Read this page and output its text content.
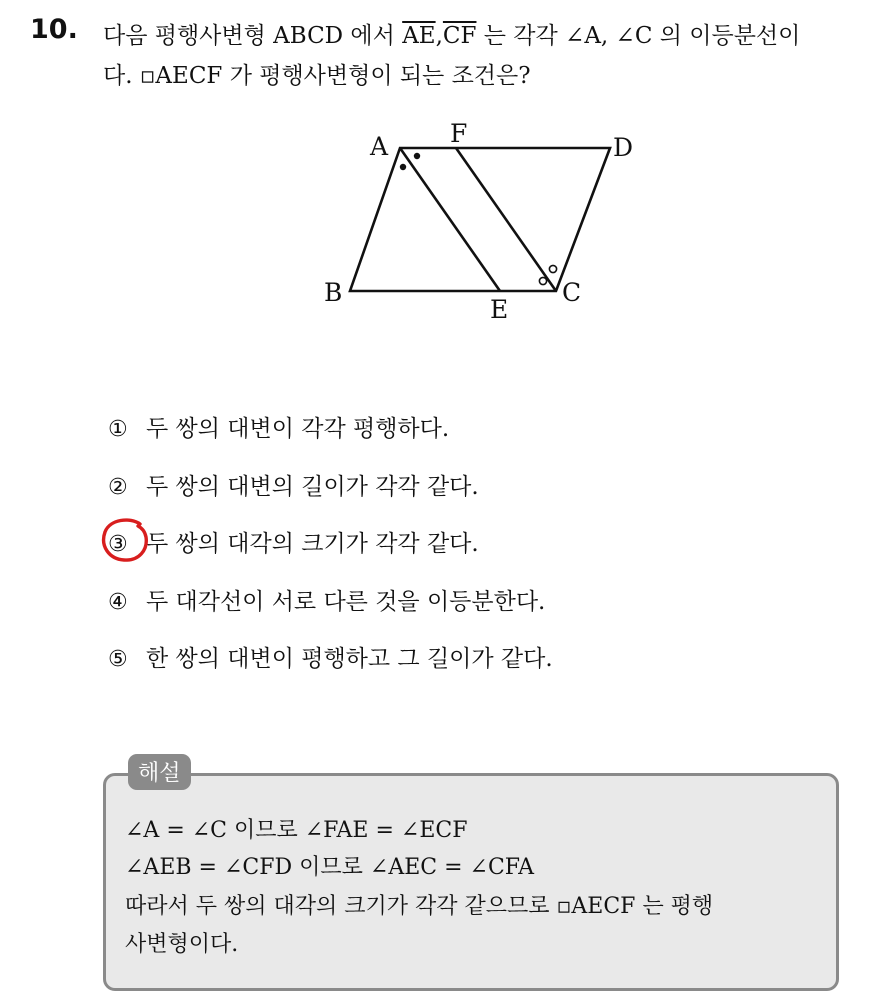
10. 다음 평행사변형 ABCD 에서 $\overline{AE},\overline{CF}$ 는 각각 ∠A, ∠C 의 이등분선이
다. ▫AECF 가 평행사변형이 되는 조건은?
A F	D
B
E
C
① 두 쌍의 대변이 각각 평행하다.
② 두 쌍의 대변의 길이가 각각 같다.
③ 두 쌍의 대각의 크기가 각각 같다.
④ 두 대각선이 서로 다른 것을 이등분한다.
⑤ 한 쌍의 대변이 평행하고 그 길이가 같다.
해설
∠A = ∠C 이므로 ∠FAE = ∠ECF
∠AEB = ∠CFD 이므로 ∠AEC = ∠CFA
따라서 두 쌍의 대각의 크기가 각각 같으므로 ▫AECF 는 평행
사변형이다.
